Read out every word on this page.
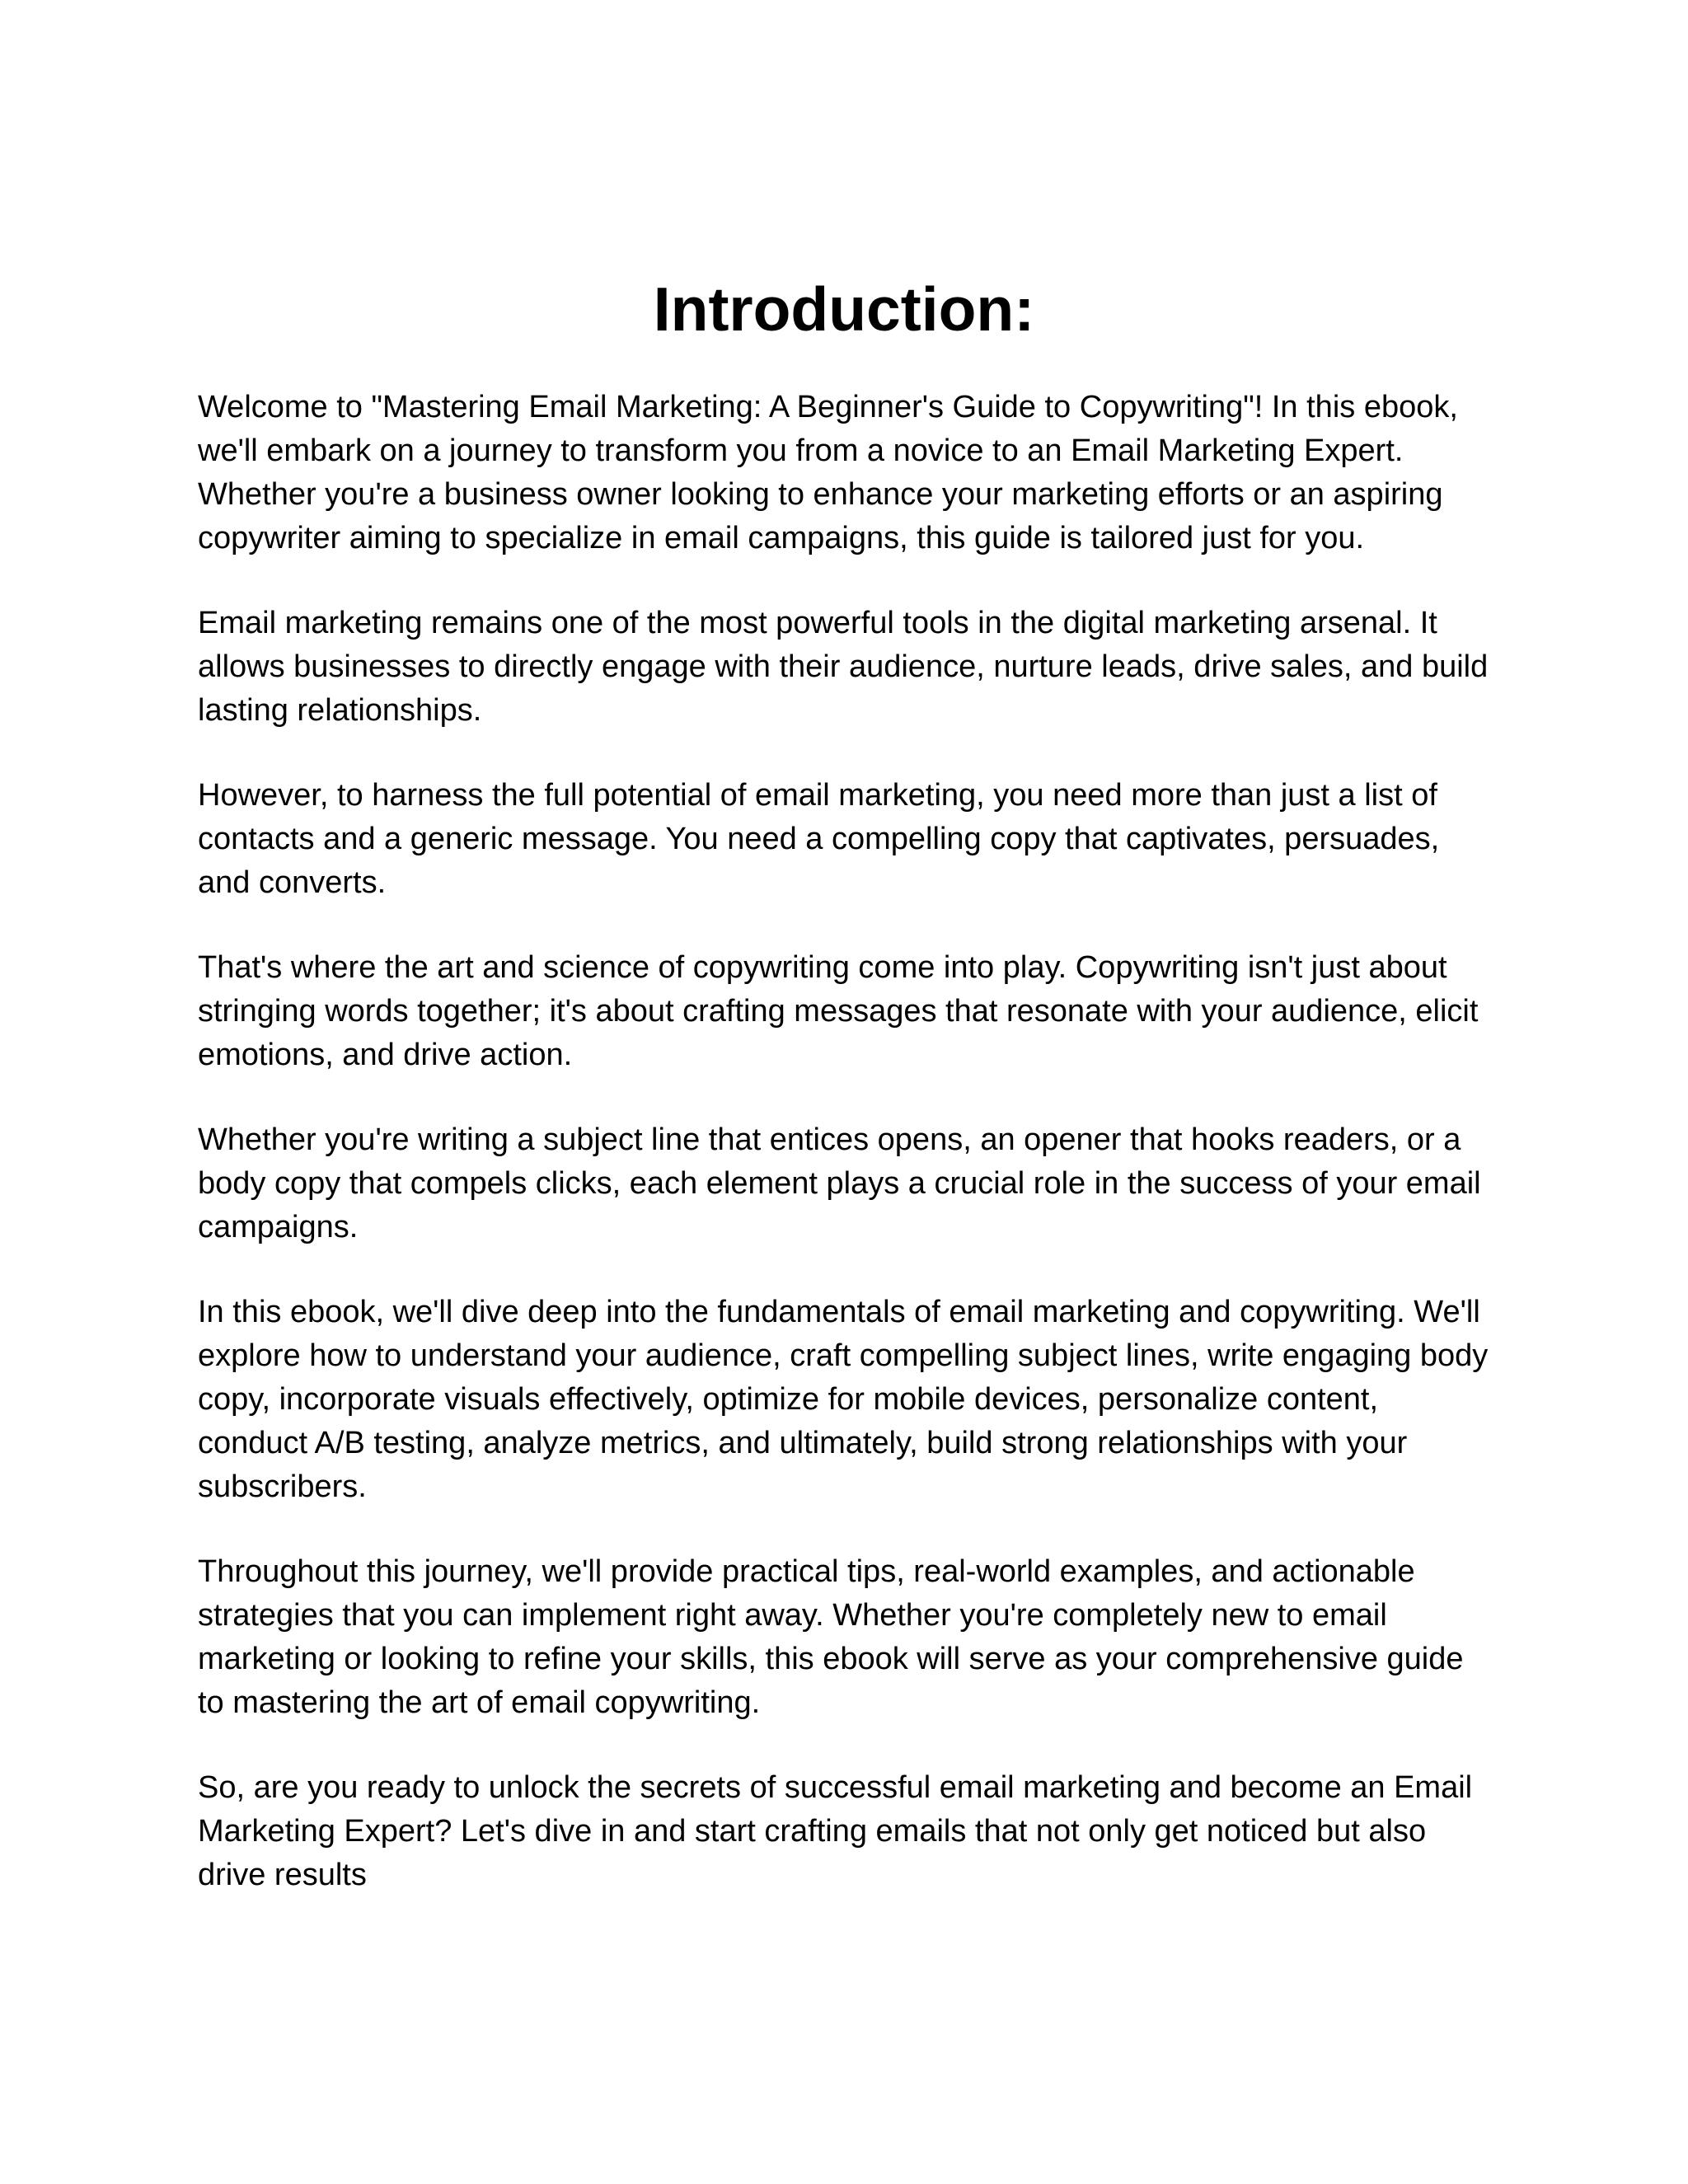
Introduction:

Welcome to "Mastering Email Marketing: A Beginner's Guide to Copywriting"! In this ebook, we'll embark on a journey to transform you from a novice to an Email Marketing Expert. Whether you're a business owner looking to enhance your marketing efforts or an aspiring copywriter aiming to specialize in email campaigns, this guide is tailored just for you.

Email marketing remains one of the most powerful tools in the digital marketing arsenal. It allows businesses to directly engage with their audience, nurture leads, drive sales, and build lasting relationships.

However, to harness the full potential of email marketing, you need more than just a list of contacts and a generic message. You need a compelling copy that captivates, persuades, and converts.

That's where the art and science of copywriting come into play. Copywriting isn't just about stringing words together; it's about crafting messages that resonate with your audience, elicit emotions, and drive action.

Whether you're writing a subject line that entices opens, an opener that hooks readers, or a body copy that compels clicks, each element plays a crucial role in the success of your email campaigns.

In this ebook, we'll dive deep into the fundamentals of email marketing and copywriting. We'll explore how to understand your audience, craft compelling subject lines, write engaging body copy, incorporate visuals effectively, optimize for mobile devices, personalize content, conduct A/B testing, analyze metrics, and ultimately, build strong relationships with your subscribers.

Throughout this journey, we'll provide practical tips, real-world examples, and actionable strategies that you can implement right away. Whether you're completely new to email marketing or looking to refine your skills, this ebook will serve as your comprehensive guide to mastering the art of email copywriting.

So, are you ready to unlock the secrets of successful email marketing and become an Email Marketing Expert? Let's dive in and start crafting emails that not only get noticed but also drive results
